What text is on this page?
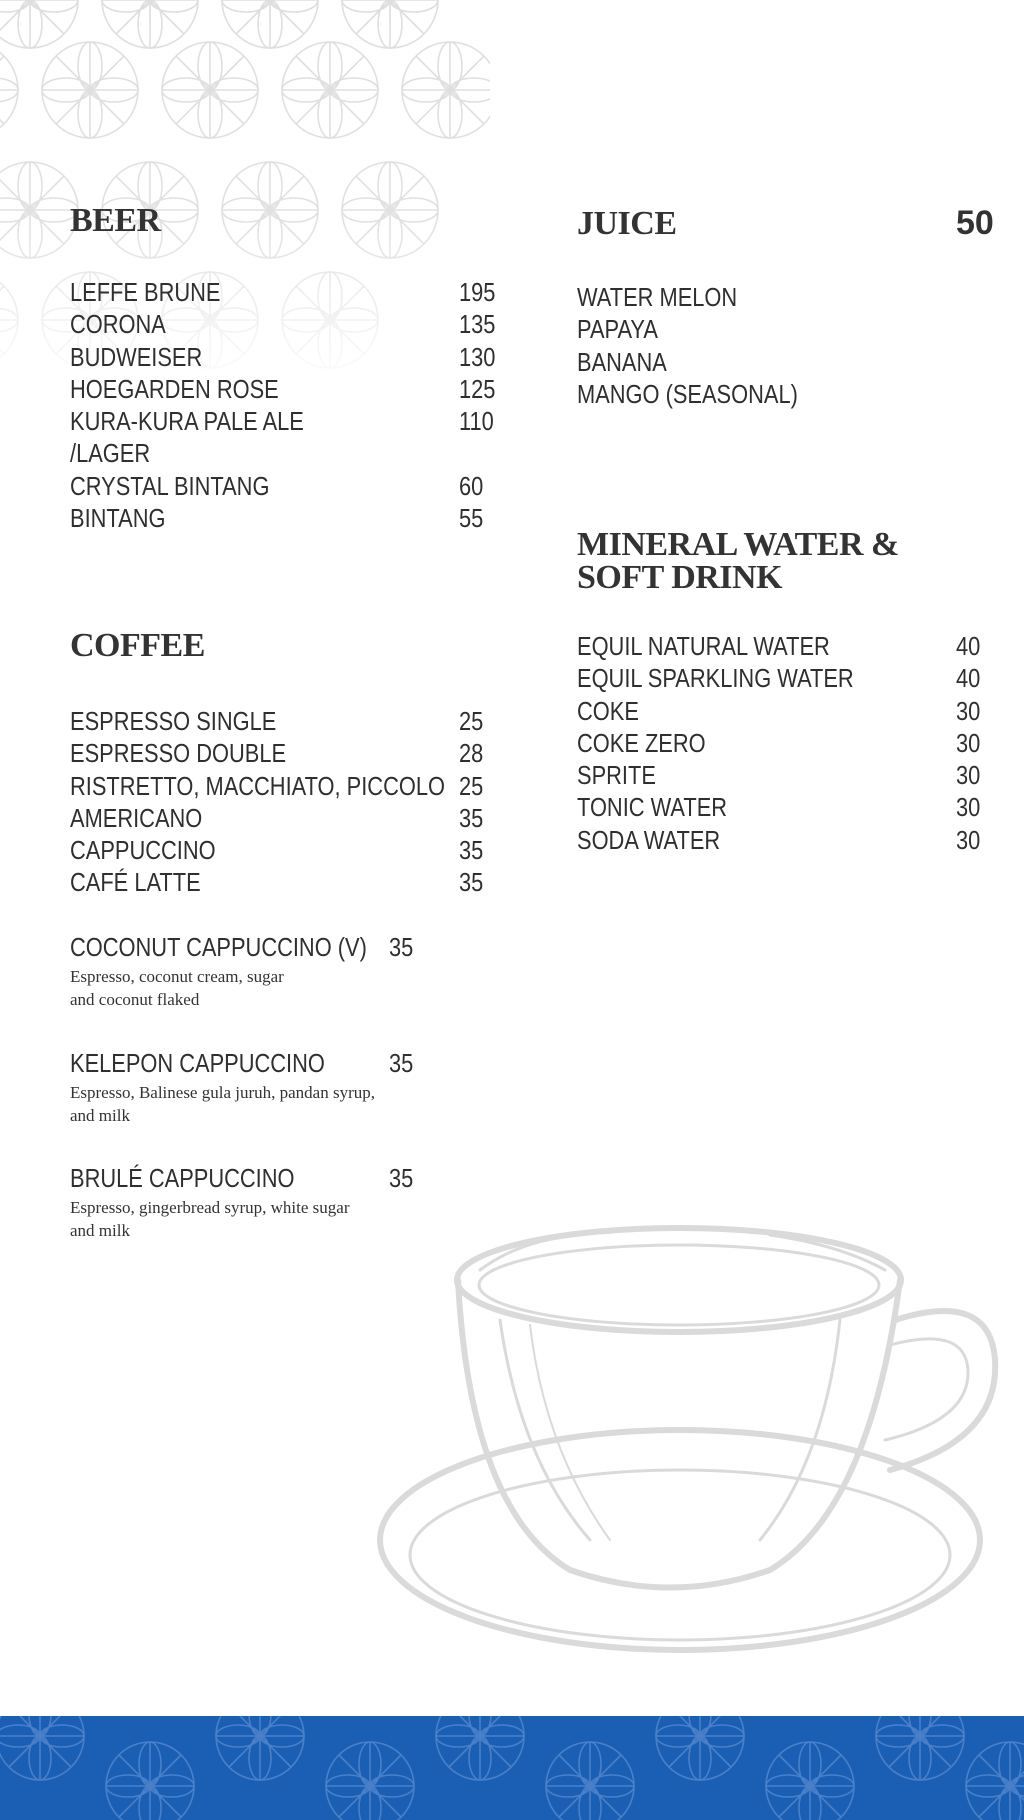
BEER
LEFFE BRUNE	195
CORONA	135
BUDWEISER	130
HOEGARDEN ROSE	125
KURA-KURA PALE ALE	110
/LAGER
CRYSTAL BINTANG	60
BINTANG	55
COFFEE
ESPRESSO SINGLE	25
ESPRESSO DOUBLE	28
RISTRETTO, MACCHIATO, PICCOLO 25
AMERICANO	35
CAPPUCCINO	35
CAFÉ LATTE	35
COCONUT CAPPUCCINO (V) 35
Espresso, coconut cream, sugar
and coconut flaked
KELEPON CAPPUCCINO 35
Espresso, Balinese gula juruh, pandan syrup,
and milk
BRULÉ CAPPUCCINO	35
Espresso, gingerbread syrup, white sugar
and milk
JUICE	50
WATER MELON
PAPAYA
BANANA
MANGO (SEASONAL)
MINERAL WATER &
SOFT DRINK
EQUIL NATURAL WATER	40
EQUIL SPARKLING WATER	40
COKE	30
COKE ZERO	30
SPRITE	30
TONIC WATER	30
SODA WATER	30
